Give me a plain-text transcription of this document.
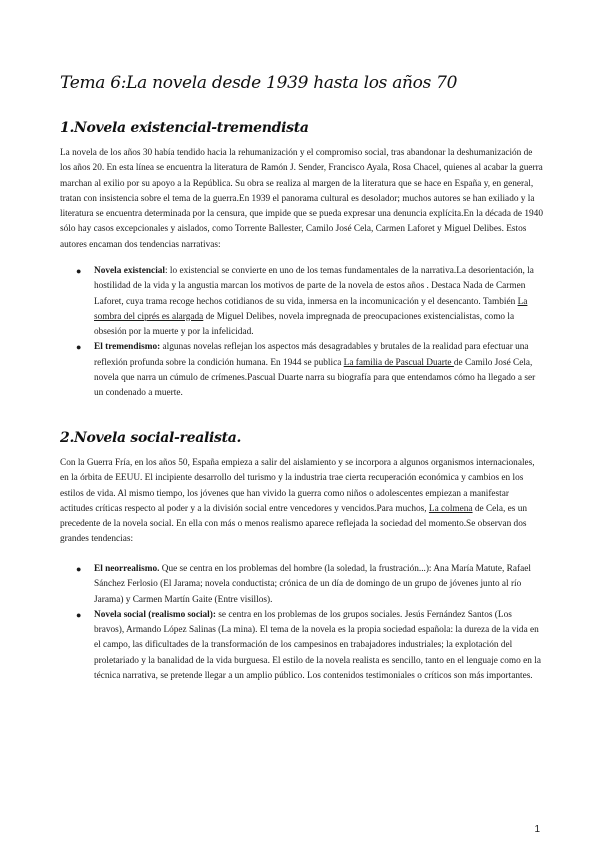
Tema 6:La novela desde 1939 hasta los años 70
1.Novela existencial-tremendista

La novela de los años 30 había tendido hacia la rehumanización y el compromiso social, tras abandonar la deshumanización de los años 20. En esta línea se encuentra la literatura de Ramón J. Sender, Francisco Ayala, Rosa Chacel, quienes al acabar la guerra marchan al exilio por su apoyo a la República. Su obra se realiza al margen de la literatura que se hace en España y, en general, tratan con insistencia sobre el tema de la guerra.En 1939 el panorama cultural es desolador; muchos autores se han exiliado y la literatura se encuentra determinada por la censura, que impide que se pueda expresar una denuncia explícita.En la década de 1940 sólo hay casos excepcionales y aislados, como Torrente Ballester, Camilo José Cela, Carmen Laforet y Miguel Delibes. Estos autores encaman dos tendencias narrativas:

● Novela existencial: lo existencial se convierte en uno de los temas fundamentales de la narrativa.La desorientación, la hostilidad de la vida y la angustia marcan los motivos de parte de la novela de estos años . Destaca Nada de Carmen Laforet, cuya trama recoge hechos cotidianos de su vida, inmersa en la incomunicación y el desencanto. También La sombra del ciprés es alargada de Miguel Delibes, novela impregnada de preocupaciones existencialistas, como la obsesión por la muerte y por la infelicidad.
● El tremendismo: algunas novelas reflejan los aspectos más desagradables y brutales de la realidad para efectuar una reflexión profunda sobre la condición humana. En 1944 se publica La familia de Pascual Duarte de Camilo José Cela, novela que narra un cúmulo de crímenes.Pascual Duarte narra su biografía para que entendamos cómo ha llegado a ser un condenado a muerte.
2.Novela social-realista.

Con la Guerra Fría, en los años 50, España empieza a salir del aislamiento y se incorpora a algunos organismos internacionales, en la órbita de EEUU. El incipiente desarrollo del turismo y la industria trae cierta recuperación económica y cambios en los estilos de vida. Al mismo tiempo, los jóvenes que han vivido la guerra como niños o adolescentes empiezan a manifestar actitudes críticas respecto al poder y a la división social entre vencedores y vencidos.Para muchos, La colmena de Cela, es un precedente de la novela social. En ella con más o menos realismo aparece reflejada la sociedad del momento.Se observan dos grandes tendencias:

● El neorrealismo. Que se centra en los problemas del hombre (la soledad, la frustración...): Ana María Matute, Rafael Sánchez Ferlosio (El Jarama; novela conductista; crónica de un día de domingo de un grupo de jóvenes junto al río Jarama) y Carmen Martín Gaite (Entre visillos).
● Novela social (realismo social): se centra en los problemas de los grupos sociales. Jesús Fernández Santos (Los bravos), Armando López Salinas (La mina). El tema de la novela es la propia sociedad española: la dureza de la vida en el campo, las dificultades de la transformación de los campesinos en trabajadores industriales; la explotación del proletariado y la banalidad de la vida burguesa. El estilo de la novela realista es sencillo, tanto en el lenguaje como en la técnica narrativa, se pretende llegar a un amplio público. Los contenidos testimoniales o críticos son más importantes.
1
